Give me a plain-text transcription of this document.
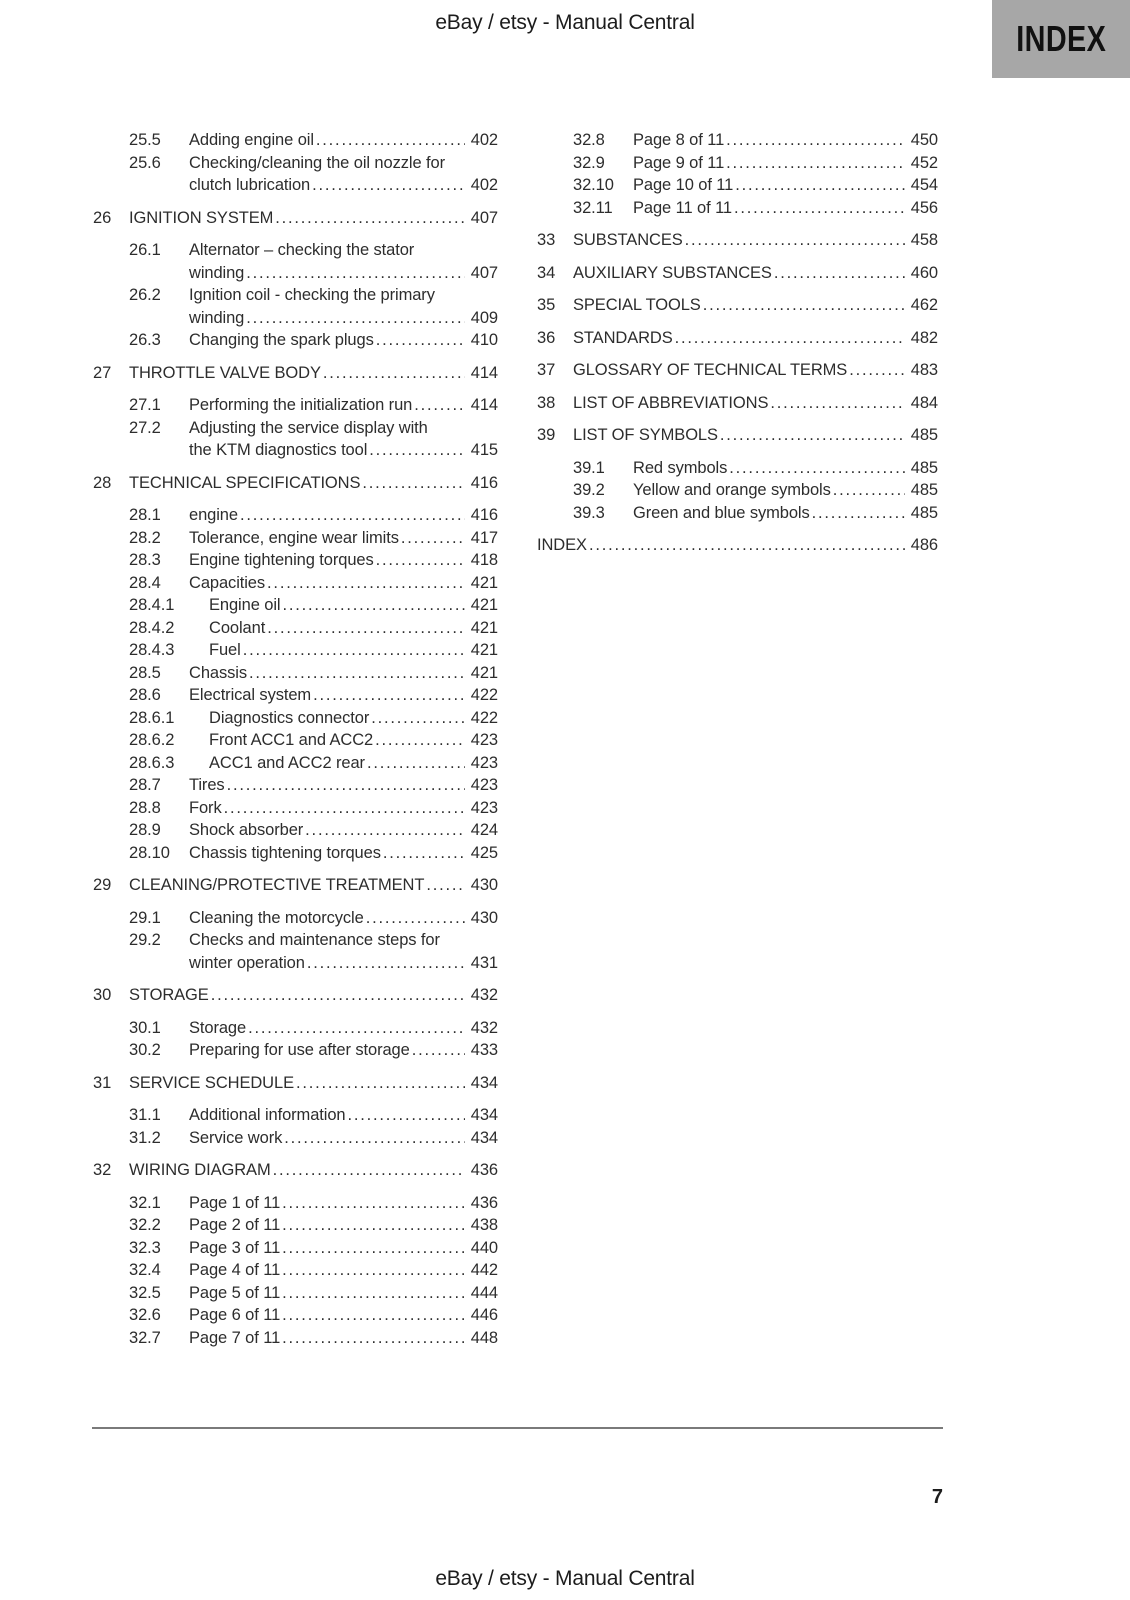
eBay / etsy - Manual Central	INDEX
25.5	Adding engine oil .....	402
25.6	Checking/cleaning the oil nozzle for
clutch lubrication .....	402
26	IGNITION SYSTEM .....	407
26.1	Alternator – checking the stator
winding .....	407
26.2	Ignition coil - checking the primary
winding .....	409
26.3	Changing the spark plugs .....	410
27	THROTTLE VALVE BODY .....	414
27.1	Performing the initialization run .....	414
27.2	Adjusting the service display with
the KTM diagnostics tool .....	415
28	TECHNICAL SPECIFICATIONS .....	416
28.1	engine .....	416
28.2	Tolerance, engine wear limits .....	417
28.3	Engine tightening torques .....	418
28.4	Capacities .....	421
28.4.1	Engine oil .....	421
28.4.2	Coolant .....	421
28.4.3	Fuel .....	421
28.5	Chassis .....	421
28.6	Electrical system .....	422
28.6.1	Diagnostics connector .....	422
28.6.2	Front ACC1 and ACC2 .....	423
28.6.3	ACC1 and ACC2 rear .....	423
28.7	Tires .....	423
28.8	Fork .....	423
28.9	Shock absorber .....	424
28.10	Chassis tightening torques .....	425
29	CLEANING/PROTECTIVE TREATMENT .....	430
29.1	Cleaning the motorcycle .....	430
29.2	Checks and maintenance steps for
winter operation .....	431
30	STORAGE .....	432
30.1	Storage .....	432
30.2	Preparing for use after storage .....	433
31	SERVICE SCHEDULE .....	434
31.1	Additional information .....	434
31.2	Service work .....	434
32	WIRING DIAGRAM .....	436
32.1	Page 1 of 11 .....	436
32.2	Page 2 of 11 .....	438
32.3	Page 3 of 11 .....	440
32.4	Page 4 of 11 .....	442
32.5	Page 5 of 11 .....	444
32.6	Page 6 of 11 .....	446
32.7	Page 7 of 11 .....	448
32.8	Page 8 of 11 .....	450
32.9	Page 9 of 11 .....	452
32.10	Page 10 of 11 .....	454
32.11	Page 11 of 11 .....	456
33	SUBSTANCES .....	458
34	AUXILIARY SUBSTANCES .....	460
35	SPECIAL TOOLS .....	462
36	STANDARDS .....	482
37	GLOSSARY OF TECHNICAL TERMS .....	483
38	LIST OF ABBREVIATIONS .....	484
39	LIST OF SYMBOLS .....	485
39.1	Red symbols .....	485
39.2	Yellow and orange symbols .....	485
39.3	Green and blue symbols .....	485
INDEX .....	486
7
eBay / etsy - Manual Central
